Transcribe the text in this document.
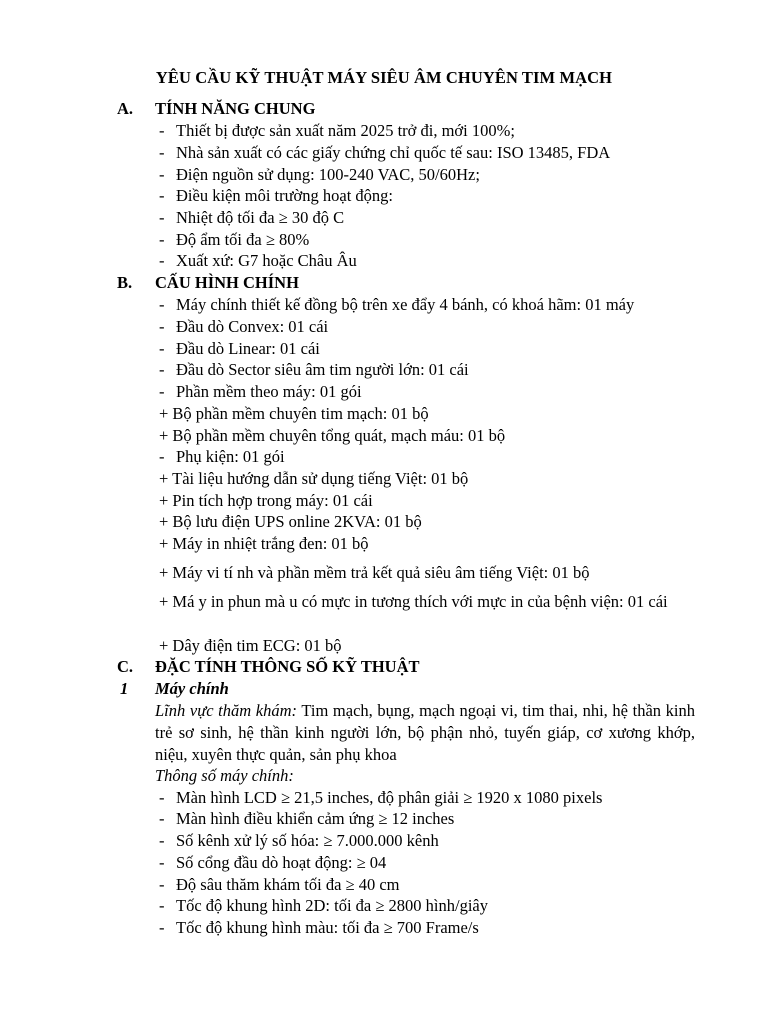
YÊU CẦU KỸ THUẬT MÁY SIÊU ÂM CHUYÊN TIM MẠCH
A. TÍNH NĂNG CHUNG
- Thiết bị được sản xuất năm 2025 trở đi, mới 100%;
- Nhà sản xuất có các giấy chứng chỉ quốc tế sau: ISO 13485, FDA
- Điện nguồn sử dụng: 100-240 VAC, 50/60Hz;
- Điều kiện môi trường hoạt động:
- Nhiệt độ tối đa ≥ 30 độ C
- Độ ẩm tối đa ≥ 80%
- Xuất xứ: G7 hoặc Châu Âu
B. CẤU HÌNH CHÍNH
- Máy chính thiết kế đồng bộ trên xe đẩy 4 bánh, có khoá hãm: 01 máy
- Đầu dò Convex: 01 cái
- Đầu dò Linear: 01 cái
- Đầu dò Sector siêu âm tim người lớn: 01 cái
- Phần mềm theo máy: 01 gói
+ Bộ phần mềm chuyên tim mạch: 01 bộ
+ Bộ phần mềm chuyên tổng quát, mạch máu: 01 bộ
- Phụ kiện: 01 gói
+ Tài liệu hướng dẫn sử dụng tiếng Việt: 01 bộ
+ Pin tích hợp trong máy: 01 cái
+ Bộ lưu điện UPS online 2KVA: 01 bộ
+ Máy in nhiệt trắng đen: 01 bộ
+ Máy vi tí nh và phần mềm trả kết quả siêu âm tiếng Việt: 01 bộ
+ Má y in phun mà u có mực in tương thích với mực in của bệnh viện: 01 cái
+ Dây điện tim ECG: 01 bộ
C. ĐẶC TÍNH THÔNG SỐ KỸ THUẬT
1 Máy chính
Lĩnh vực thăm khám: Tim mạch, bụng, mạch ngoại vi, tim thai, nhi, hệ thần kinh trẻ sơ sinh, hệ thần kinh người lớn, bộ phận nhỏ, tuyến giáp, cơ xương khớp, niệu, xuyên thực quản, sản phụ khoa
Thông số máy chính:
- Màn hình LCD ≥ 21,5 inches, độ phân giải ≥ 1920 x 1080 pixels
- Màn hình điều khiển cảm ứng ≥ 12 inches
- Số kênh xử lý số hóa: ≥ 7.000.000 kênh
- Số cổng đầu dò hoạt động: ≥ 04
- Độ sâu thăm khám tối đa ≥ 40 cm
- Tốc độ khung hình 2D: tối đa ≥ 2800 hình/giây
- Tốc độ khung hình màu: tối đa ≥ 700 Frame/s
